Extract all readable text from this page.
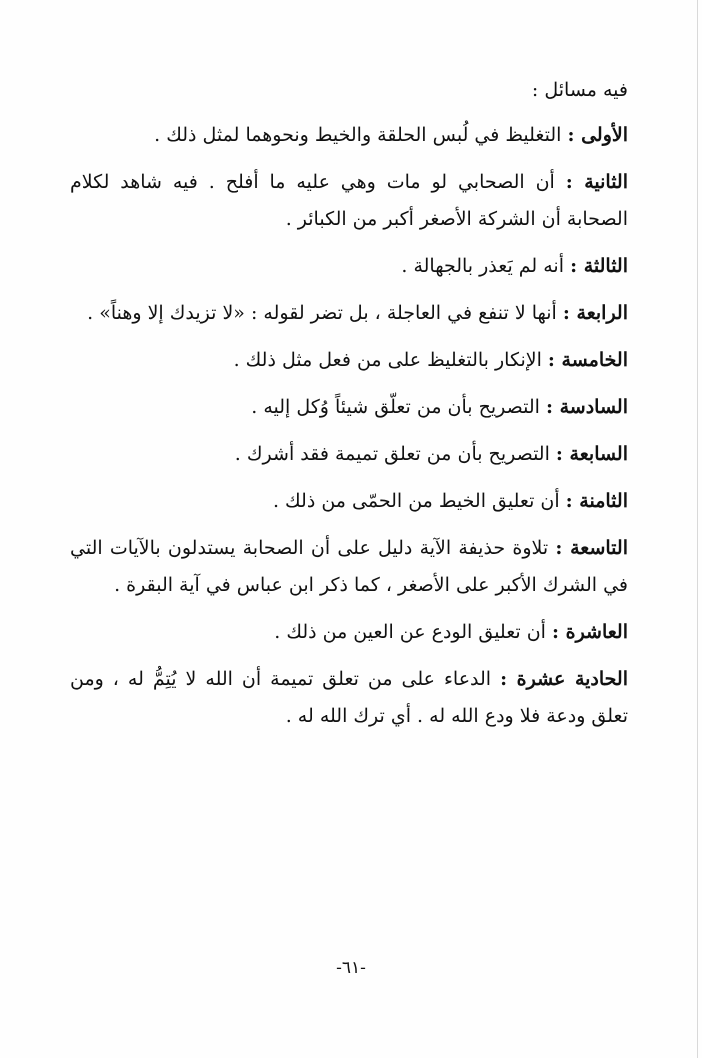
فيه مسائل :

الأولى : التغليظ في لُبس الحلقة والخيط ونحوهما لمثل ذلك .

الثانية : أن الصحابي لو مات وهي عليه ما أفلح . فيه شاهد لكلام الصحابة أن الشركة الأصغر أكبر من الكبائر .

الثالثة : أنه لم يَعذر بالجهالة .

الرابعة : أنها لا تنفع في العاجلة ، بل تضر لقوله : «لا تزيدك إلا وهناً» .

الخامسة : الإنكار بالتغليظ على من فعل مثل ذلك .

السادسة : التصريح بأن من تعلّق شيئاً وُكل إليه .

السابعة : التصريح بأن من تعلق تميمة فقد أشرك .

الثامنة : أن تعليق الخيط من الحمّى من ذلك .

التاسعة : تلاوة حذيفة الآية دليل على أن الصحابة يستدلون بالآيات التي في الشرك الأكبر على الأصغر ، كما ذكر ابن عباس في آية البقرة .

العاشرة : أن تعليق الودع عن العين من ذلك .

الحادية عشرة : الدعاء على من تعلق تميمة أن الله لا يُتِمُّ له ، ومن تعلق ودعة فلا ودع الله له . أي ترك الله له .

-٦١-
